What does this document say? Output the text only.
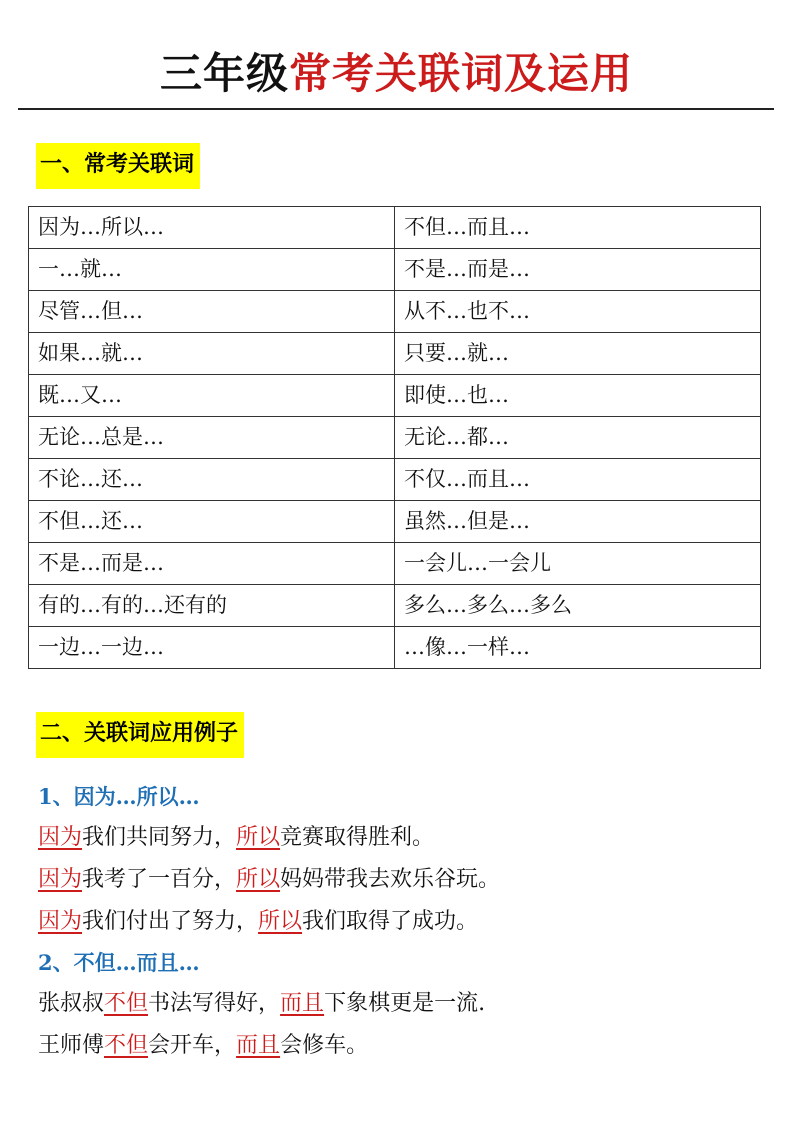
三年级常考关联词及运用
一、常考关联词
因为…所以…	不但…而且…
一…就…	不是…而是…
尽管…但…	从不…也不…
如果…就…	只要…就…
既…又…	即使…也…
无论…总是…	无论…都…
不论…还…	不仅…而且…
不但…还…	虽然…但是…
不是…而是…	一会儿…一会儿
有的…有的…还有的	多么…多么…多么
一边…一边…	…像…一样…
二、关联词应用例子
1、因为…所以…
因为我们共同努力，所以竞赛取得胜利。
因为我考了一百分，所以妈妈带我去欢乐谷玩。
因为我们付出了努力，所以我们取得了成功。
2、不但…而且…
张叔叔不但书法写得好，而且下象棋更是一流.
王师傅不但会开车，而且会修车。
